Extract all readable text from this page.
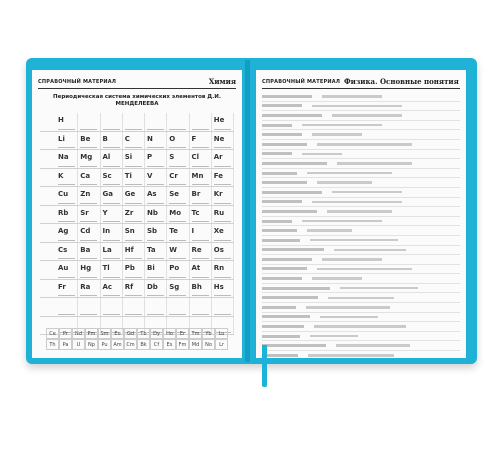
СПРАВОЧНЫЙ МАТЕРИАЛ	Химия
Периодическая система химических элементов Д.И. МЕНДЕЛЕЕВА
H	He
Li Be B C N O F Ne
Na Mg Al Si P S Cl Ar
K Ca Sc Ti V Cr Mn Fe
Cu Zn Ga Ge As Se Br Kr
Rb Sr Y Zr Nb Mo Tc Ru
Ag Cd In Sn Sb Te I	Xe
Cs Ba La Hf Ta W Re Os
Au Hg Tl Pb Bi Po At Rn
Fr Ra Ac Rf Db Sg Bh Hs
Ce	Pr	Nd	Pm	Sm	Eu	Gd	Tb	Dy	Ho	Er	Tm	Yb	Lu
Th	Pa	U	Np	Pu	Am Cm	Bk	Cf	Es	Fm	Md	No	Lr
СПРАВОЧНЫЙ МАТЕРИАЛ Физика. Основные понятия
